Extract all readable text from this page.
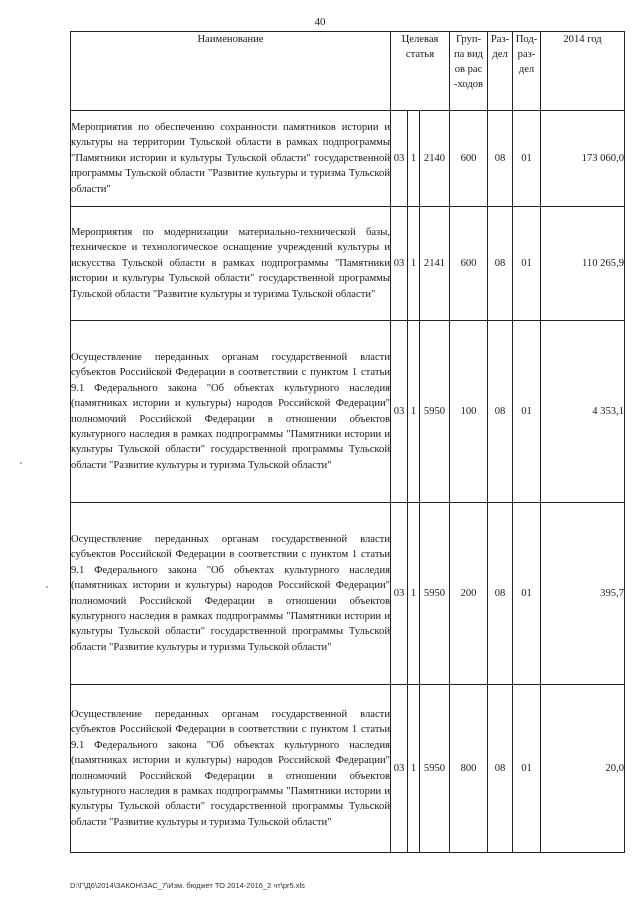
40
Наименование	Целевая статья			Груп-па видов рас-ходов	Раз-дел	Под-раз-дел	2014 год
Мероприятия по обеспечению сохранности памятников истории и культуры на территории Тульской области в рамках подпрограммы "Памятники истории и культуры Тульской области" государственной программы Тульской области "Развитие культуры и туризма Тульской области"	03	1	2140	600	08	01	173 060,0
Мероприятия по модернизации материально-технической базы, техническое и технологическое оснащение учреждений культуры и искусства Тульской области в рамках подпрограммы "Памятники истории и культуры Тульской области" государственной программы Тульской области "Развитие культуры и туризма Тульской области"	03	1	2141	600	08	01	110 265,9
Осуществление переданных органам государственной власти субъектов Российской Федерации в соответствии с пунктом 1 статьи 9.1 Федерального закона "Об объектах культурного наследия (памятниках истории и культуры) народов Российской Федерации" полномочий Российской Федерации в отношении объектов культурного наследия в рамках подпрограммы "Памятники истории и культуры Тульской области" государственной программы Тульской области "Развитие культуры и туризма Тульской области"	03	1	5950	100	08	01	4 353,1
Осуществление переданных органам государственной власти субъектов Российской Федерации в соответствии с пунктом 1 статьи 9.1 Федерального закона "Об объектах культурного наследия (памятниках истории и культуры) народов Российской Федерации" полномочий Российской Федерации в отношении объектов культурного наследия в рамках подпрограммы "Памятники истории и культуры Тульской области" государственной программы Тульской области "Развитие культуры и туризма Тульской области"	03	1	5950	200	08	01	395,7
Осуществление переданных органам государственной власти субъектов Российской Федерации в соответствии с пунктом 1 статьи 9.1 Федерального закона "Об объектах культурного наследия (памятниках истории и культуры) народов Российской Федерации" полномочий Российской Федерации в отношении объектов культурного наследия в рамках подпрограммы "Памятники истории и культуры Тульской области" государственной программы Тульской области "Развитие культуры и туризма Тульской области"	03	1	5950	800	08	01	20,0
D:\Г\Д6\2014\ЗАКОН\ЗАС_7\Изм. бюджет ТО 2014-2016_2 чт\pr5.xls
